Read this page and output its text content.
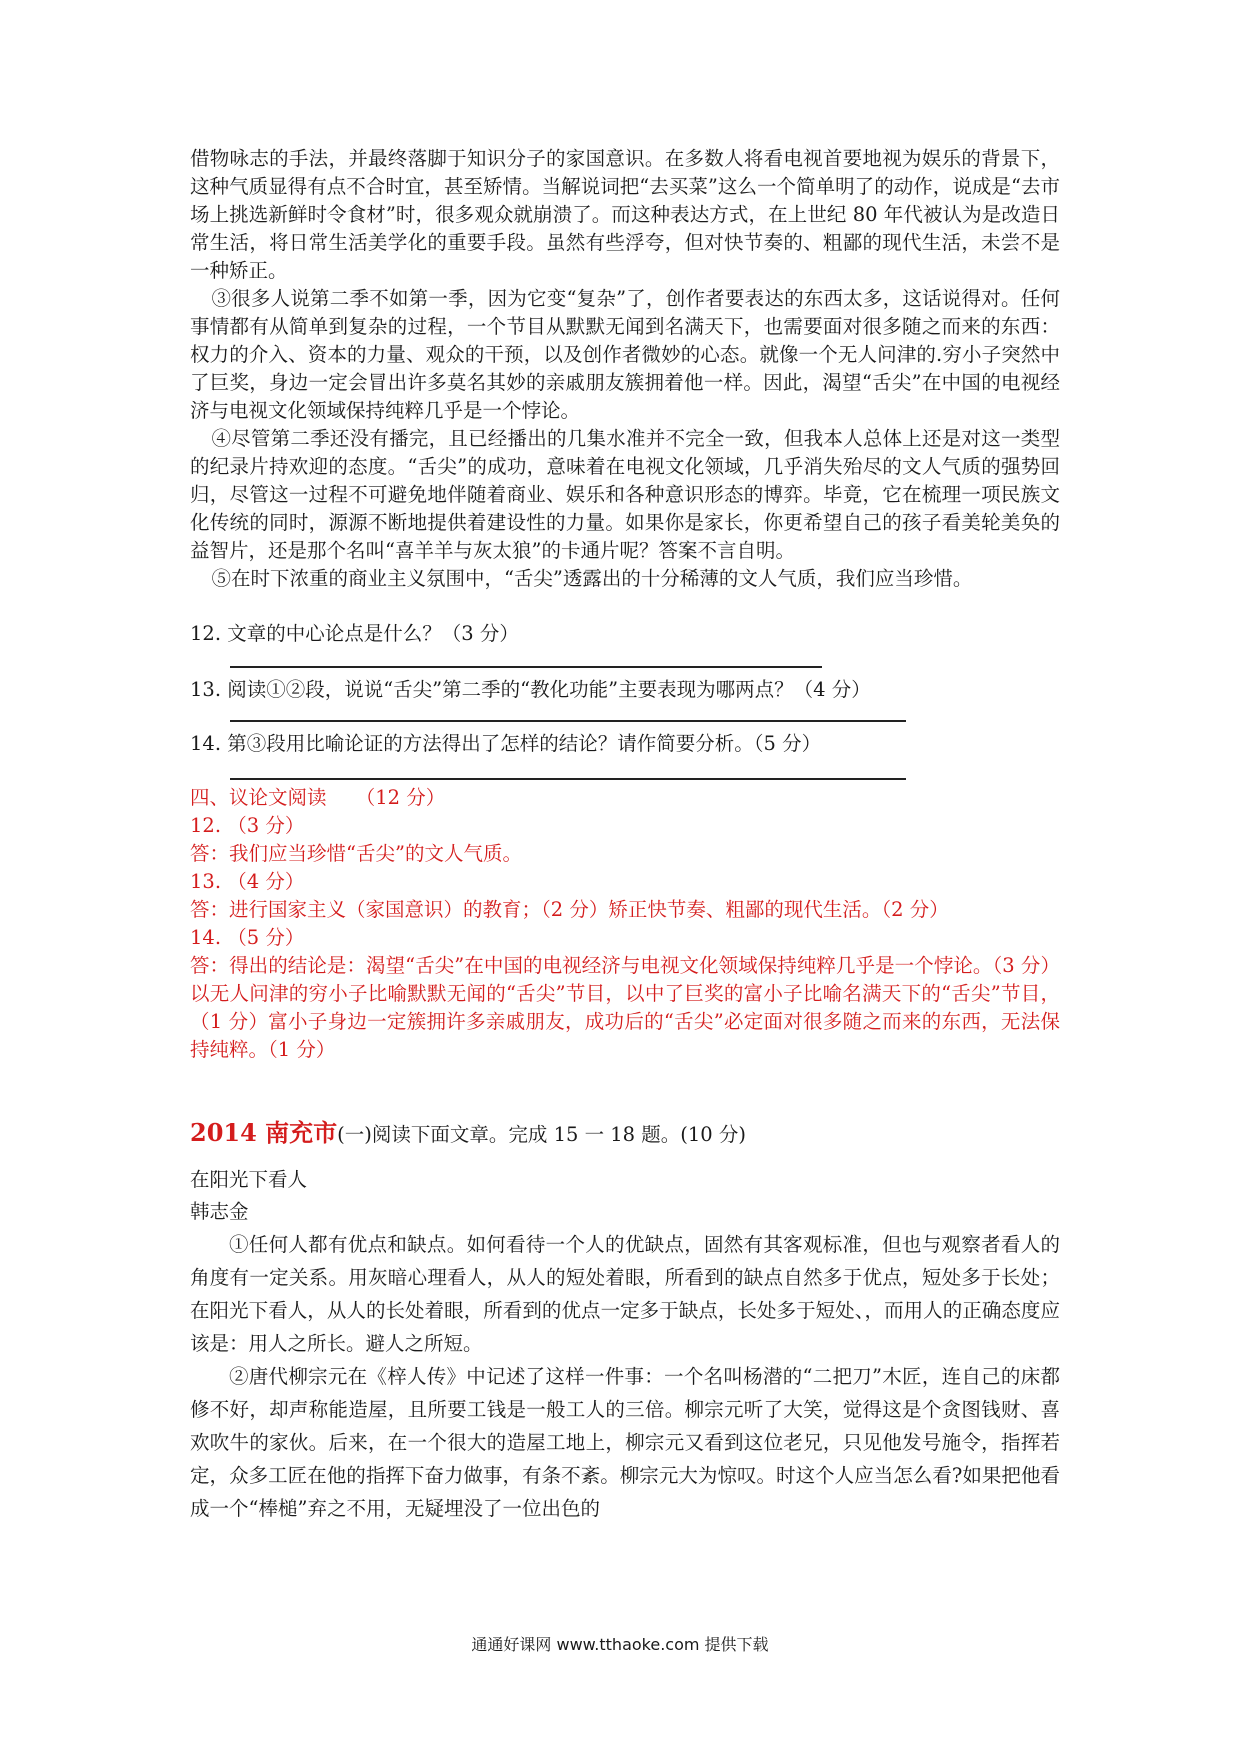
借物咏志的手法，并最终落脚于知识分子的家国意识。在多数人将看电视首要地视为娱乐的背景下，这种气质显得有点不合时宜，甚至矫情。当解说词把“去买菜”这么一个简单明了的动作，说成是“去市场上挑选新鲜时令食材”时，很多观众就崩溃了。而这种表达方式，在上世纪 80 年代被认为是改造日常生活，将日常生活美学化的重要手段。虽然有些浮夸，但对快节奏的、粗鄙的现代生活，未尝不是一种矫正。

③很多人说第二季不如第一季，因为它变“复杂”了，创作者要表达的东西太多，这话说得对。任何事情都有从简单到复杂的过程，一个节目从默默无闻到名满天下，也需要面对很多随之而来的东西：权力的介入、资本的力量、观众的干预，以及创作者微妙的心态。就像一个无人问津的.穷小子突然中了巨奖，身边一定会冒出许多莫名其妙的亲戚朋友簇拥着他一样。因此，渴望“舌尖”在中国的电视经济与电视文化领域保持纯粹几乎是一个悖论。

④尽管第二季还没有播完，且已经播出的几集水准并不完全一致，但我本人总体上还是对这一类型的纪录片持欢迎的态度。“舌尖”的成功，意味着在电视文化领域，几乎消失殆尽的文人气质的强势回归，尽管这一过程不可避免地伴随着商业、娱乐和各种意识形态的博弈。毕竟，它在梳理一项民族文化传统的同时，源源不断地提供着建设性的力量。如果你是家长，你更希望自己的孩子看美轮美奂的益智片，还是那个名叫“喜羊羊与灰太狼”的卡通片呢？答案不言自明。

⑤在时下浓重的商业主义氛围中，“舌尖”透露出的十分稀薄的文人气质，我们应当珍惜。

12. 文章的中心论点是什么？（3 分）

13. 阅读①②段，说说“舌尖”第二季的“教化功能”主要表现为哪两点？（4 分）

14. 第③段用比喻论证的方法得出了怎样的结论？请作简要分析。（5 分）

四、议论文阅读　　（12 分）

12. （3 分）

答：我们应当珍惜“舌尖”的文人气质。

13. （4 分）

答：进行国家主义（家国意识）的教育；（2 分）矫正快节奏、粗鄙的现代生活。（2 分）

14. （5 分）

答：得出的结论是：渴望“舌尖”在中国的电视经济与电视文化领域保持纯粹几乎是一个悖论。（3 分）以无人问津的穷小子比喻默默无闻的“舌尖”节目，以中了巨奖的富小子比喻名满天下的“舌尖”节目，（1 分）富小子身边一定簇拥许多亲戚朋友，成功后的“舌尖”必定面对很多随之而来的东西，无法保持纯粹。（1 分）

2014 南充市(一)阅读下面文章。完成 15 一 18 题。(10 分)

在阳光下看人

韩志金

①任何人都有优点和缺点。如何看待一个人的优缺点，固然有其客观标准，但也与观察者看人的角度有一定关系。用灰暗心理看人，从人的短处着眼，所看到的缺点自然多于优点，短处多于长处；在阳光下看人，从人的长处着眼，所看到的优点一定多于缺点，长处多于短处、，而用人的正确态度应该是：用人之所长。避人之所短。

②唐代柳宗元在《梓人传》中记述了这样一件事：一个名叫杨潜的“二把刀”木匠，连自己的床都修不好，却声称能造屋，且所要工钱是一般工人的三倍。柳宗元听了大笑，觉得这是个贪图钱财、喜欢吹牛的家伙。后来，在一个很大的造屋工地上，柳宗元又看到这位老兄，只见他发号施令，指挥若定，众多工匠在他的指挥下奋力做事，有条不紊。柳宗元大为惊叹。时这个人应当怎么看?如果把他看成一个“棒槌”弃之不用，无疑埋没了一位出色的

通通好课网 www.tthaoke.com 提供下载
